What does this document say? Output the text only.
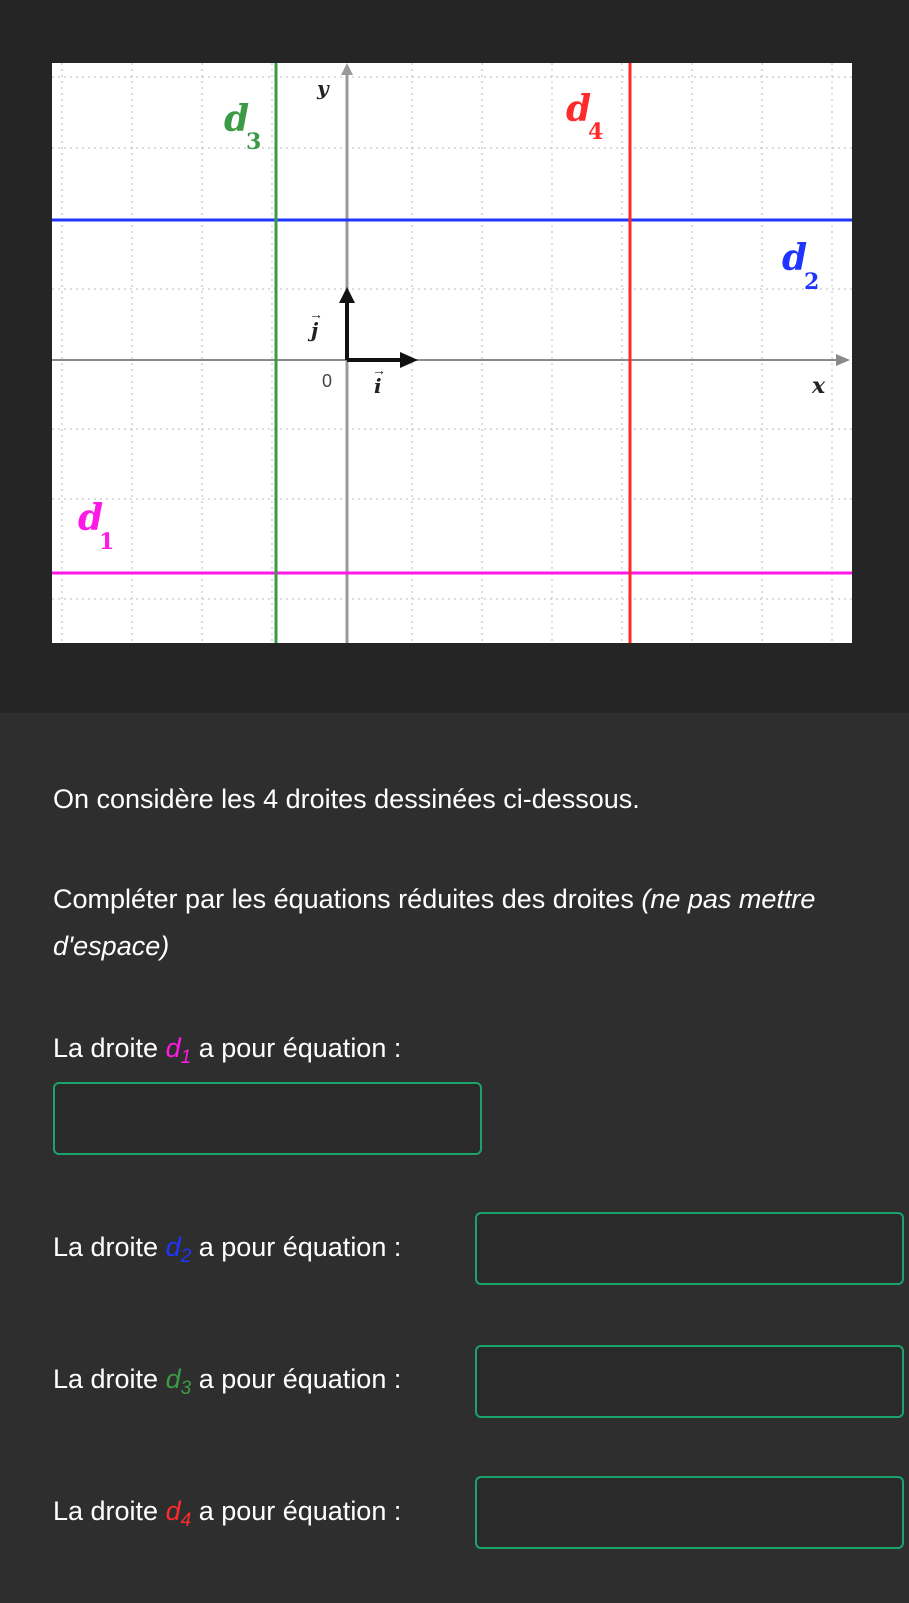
y
x
0 i
→
j
→
d
1
d
2
d
3
d
4

On considère les 4 droites dessinées ci-dessous.

Compléter par les équations réduites des droites (ne pas mettre d'espace)

La droite $d_1$ a pour équation :
La droite $d_2$ a pour équation :
La droite $d_3$ a pour équation :
La droite $d_4$ a pour équation :
